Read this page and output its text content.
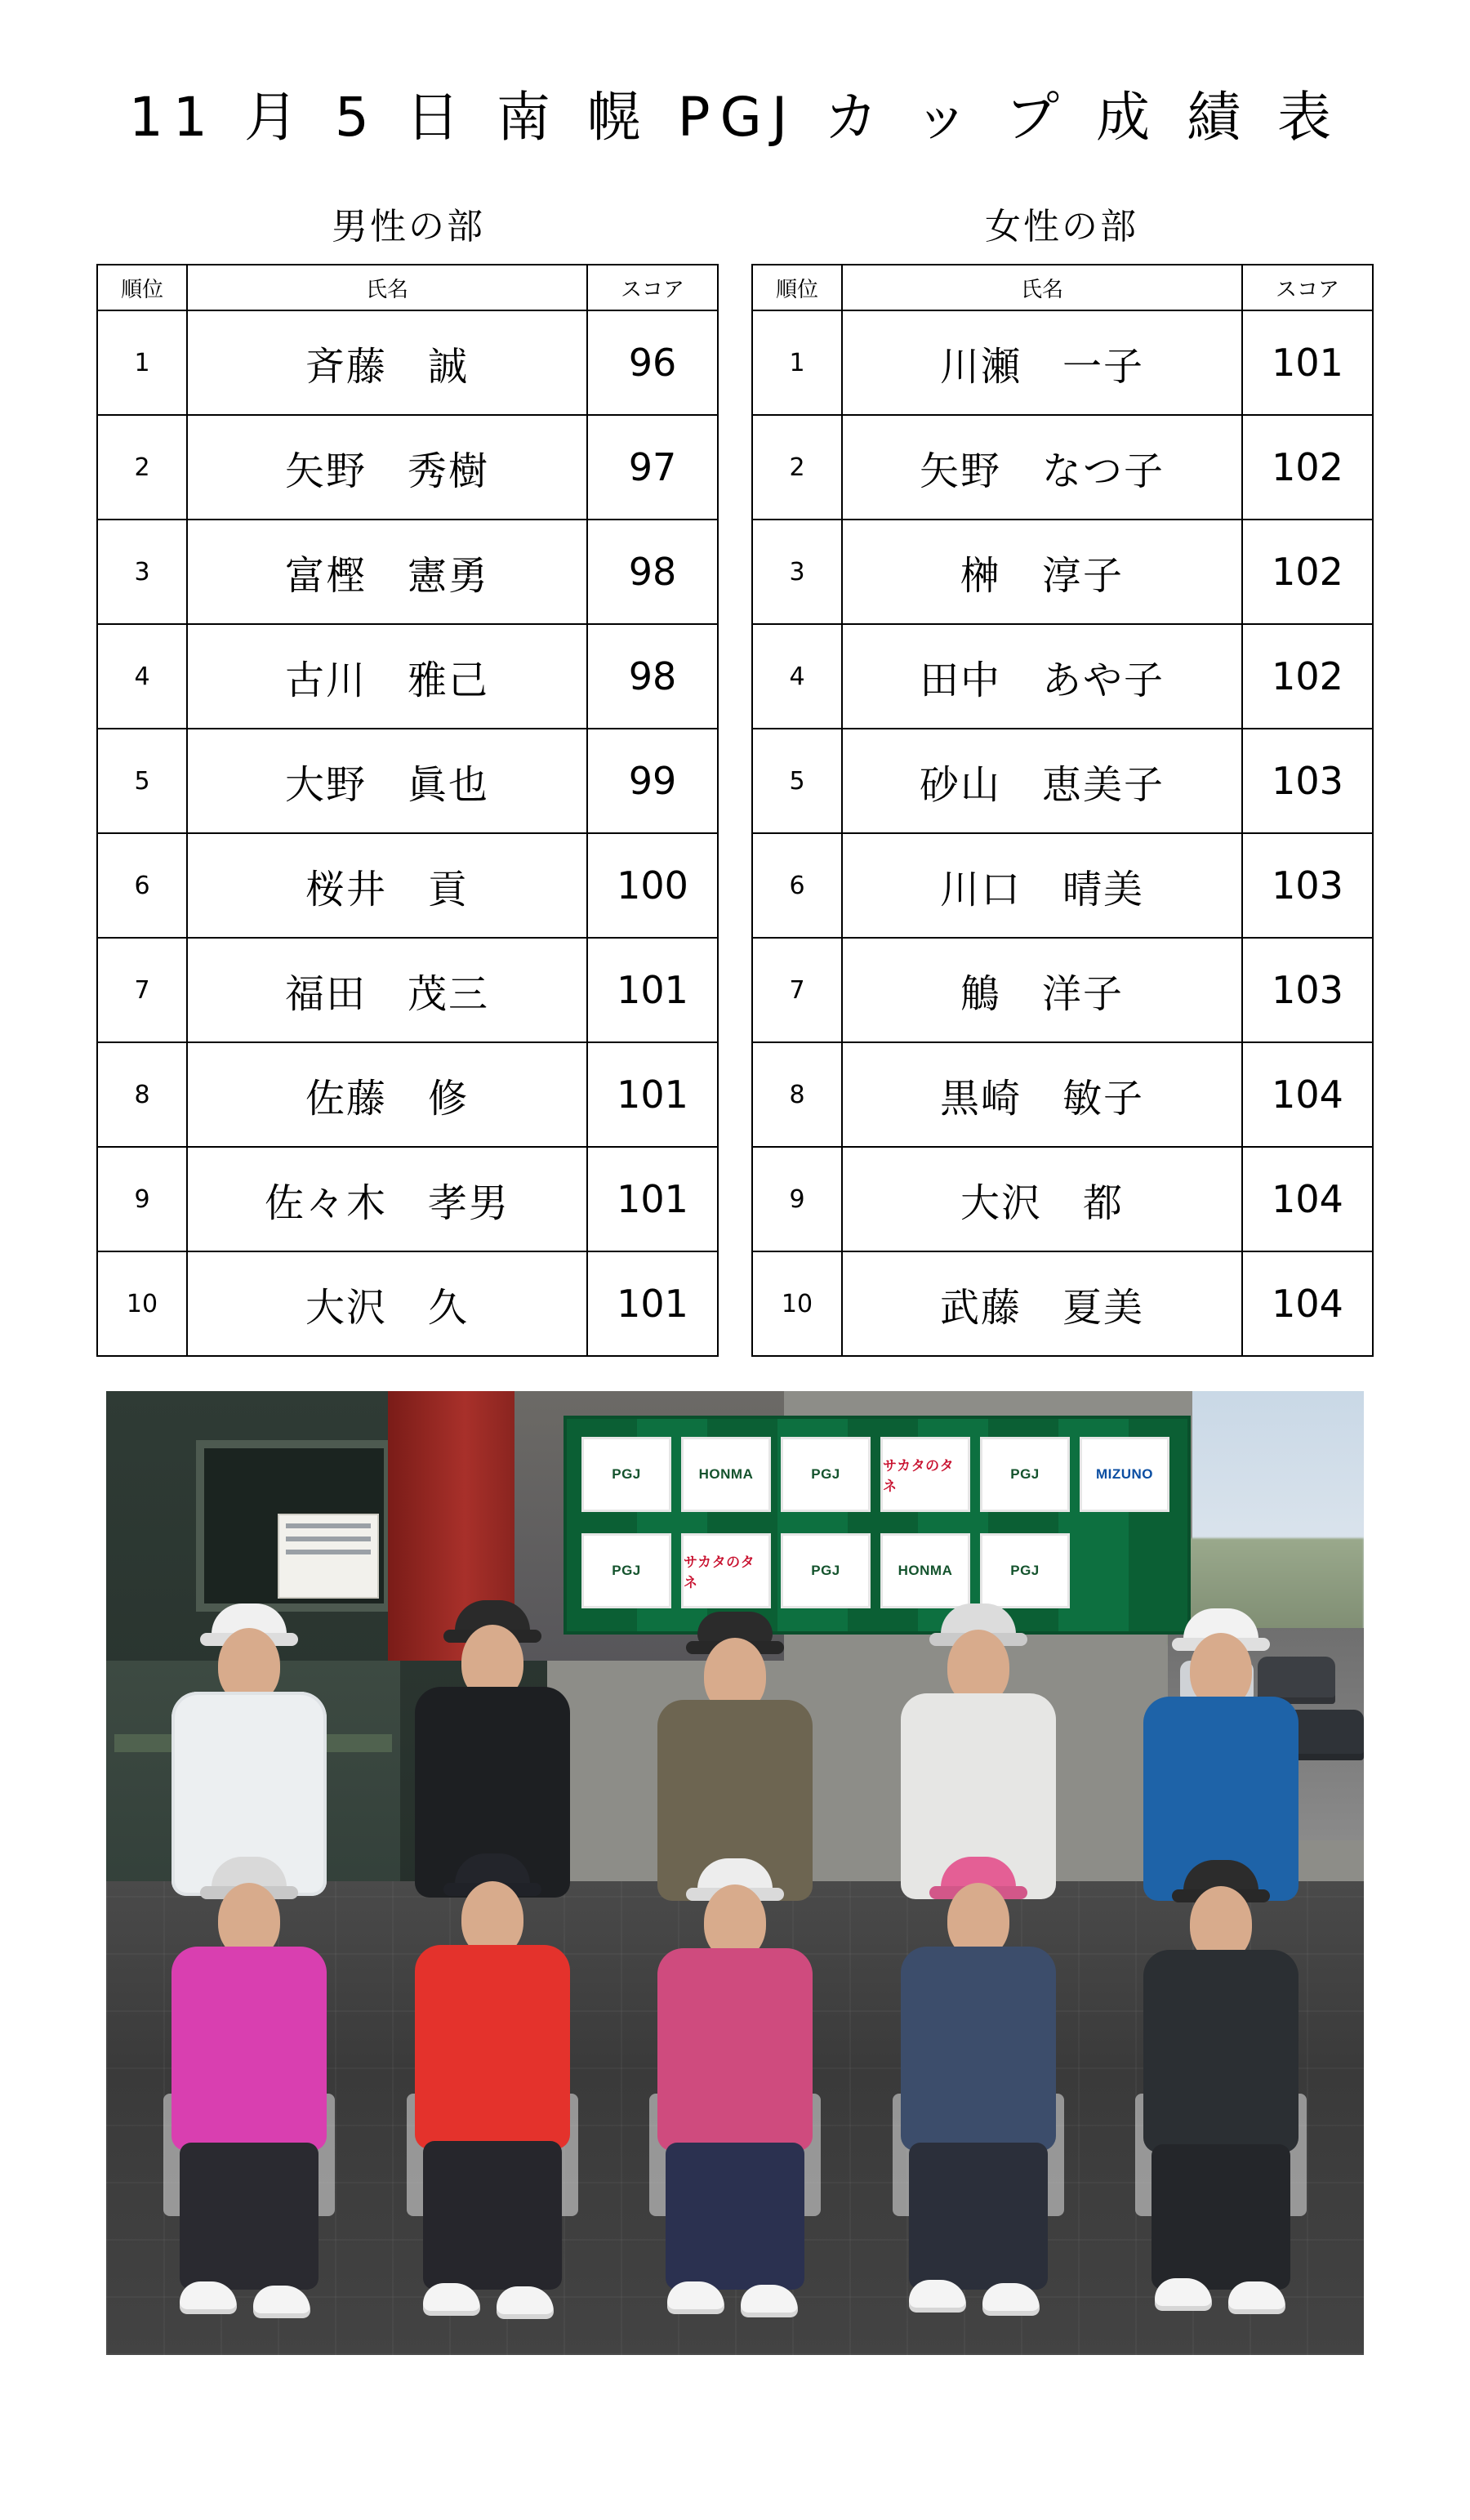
11 月 5 日 南 幌 PGJ カ ッ プ 成 績 表
男性の部	女性の部
順位	氏名	スコア
1	斉藤　誠	96
2	矢野　秀樹	97
3	富樫　憲勇	98
4	古川　雅己	98
5	大野　眞也	99
6	桜井　貢	100
7	福田　茂三	101
8	佐藤　修	101
9	佐々木　孝男	101
10	大沢　久	101
順位	氏名	スコア
1	川瀬　一子	101
2	矢野　なつ子	102
3	榊　淳子	102
4	田中　あや子	102
5	砂山　恵美子	103
6	川口　晴美	103
7	鵤　洋子	103
8	黒崎　敏子	104
9	大沢　都	104
10	武藤　夏美	104
PGJ	HONMA	PGJ
サカタのタネ
PGJ	MIZUNO
PGJ
サカタのタネ
PGJ	HONMA	PGJ
